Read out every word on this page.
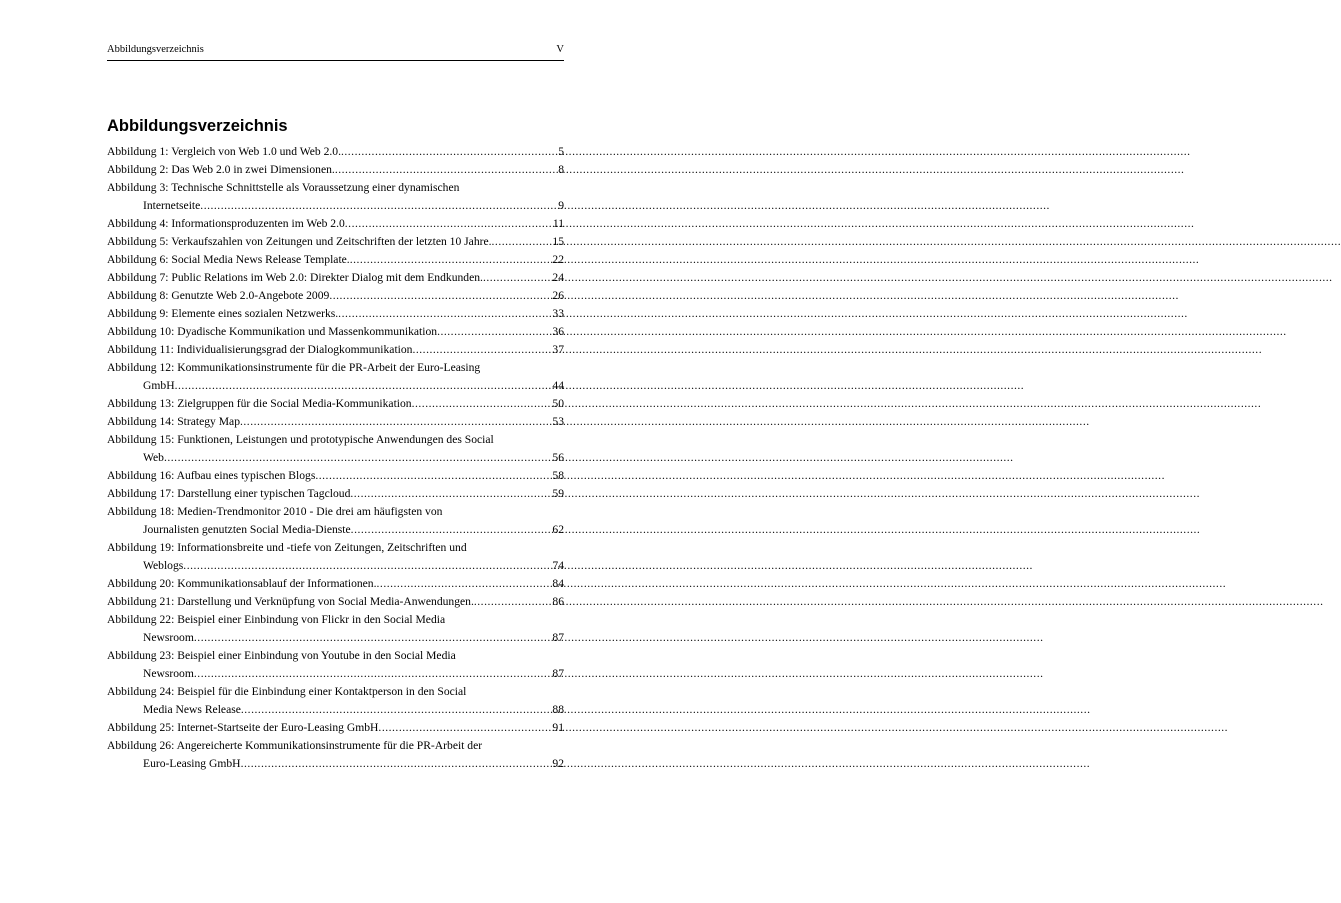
Abbildungsverzeichnis	V
Abbildungsverzeichnis
Abbildung 1: Vergleich von Web 1.0 und Web 2.0. .....	5
Abbildung 2: Das Web 2.0 in zwei Dimensionen. .....	8
Abbildung 3: Technische Schnittstelle als Voraussetzung einer dynamischen
Internetseite .....	9
Abbildung 4: Informationsproduzenten im Web 2.0 .....	11
Abbildung 5: Verkaufszahlen von Zeitungen und Zeitschriften der letzten 10 Jahre. .....	15
Abbildung 6: Social Media News Release Template. .....	22
Abbildung 7: Public Relations im Web 2.0: Direkter Dialog mit dem Endkunden. .....	24
Abbildung 8: Genutzte Web 2.0-Angebote 2009 .....	26
Abbildung 9: Elemente eines sozialen Netzwerks. .....	33
Abbildung 10: Dyadische Kommunikation und Massenkommunikation .....	36
Abbildung 11: Individualisierungsgrad der Dialogkommunikation .....	37
Abbildung 12: Kommunikationsinstrumente für die PR-Arbeit der Euro-Leasing
GmbH .....	44
Abbildung 13: Zielgruppen für die Social Media-Kommunikation .....	50
Abbildung 14: Strategy Map .....	53
Abbildung 15: Funktionen, Leistungen und prototypische Anwendungen des Social
Web .....	56
Abbildung 16: Aufbau eines typischen Blogs .....	58
Abbildung 17: Darstellung einer typischen Tagcloud .....	59
Abbildung 18: Medien-Trendmonitor 2010 - Die drei am häufigsten von
Journalisten genutzten Social Media-Dienste .....	62
Abbildung 19: Informationsbreite und -tiefe von Zeitungen, Zeitschriften und
Weblogs .....	74
Abbildung 20: Kommunikationsablauf der Informationen. .....	84
Abbildung 21: Darstellung und Verknüpfung von Social Media-Anwendungen. .....	86
Abbildung 22: Beispiel einer Einbindung von Flickr in den Social Media
Newsroom .....	87
Abbildung 23: Beispiel einer Einbindung von Youtube in den Social Media
Newsroom .....	87
Abbildung 24: Beispiel für die Einbindung einer Kontaktperson in den Social
Media News Release .....	88
Abbildung 25: Internet-Startseite der Euro-Leasing GmbH .....	91
Abbildung 26: Angereicherte Kommunikationsinstrumente für die PR-Arbeit der
Euro-Leasing GmbH .....	92
